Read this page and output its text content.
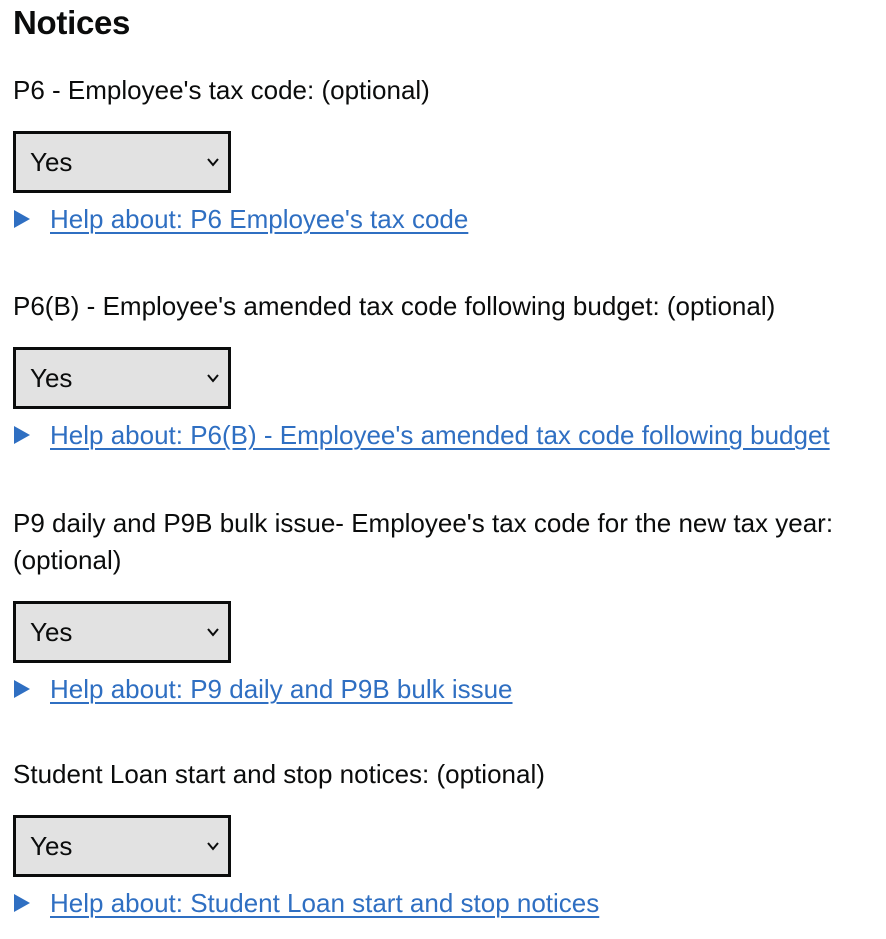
Notices
P6 - Employee's tax code: (optional)
Yes
Help about: P6 Employee's tax code
P6(B) - Employee's amended tax code following budget: (optional)
Yes
Help about: P6(B) - Employee's amended tax code following budget
P9 daily and P9B bulk issue- Employee's tax code for the new tax year: (optional)
Yes
Help about: P9 daily and P9B bulk issue
Student Loan start and stop notices: (optional)
Yes
Help about: Student Loan start and stop notices
